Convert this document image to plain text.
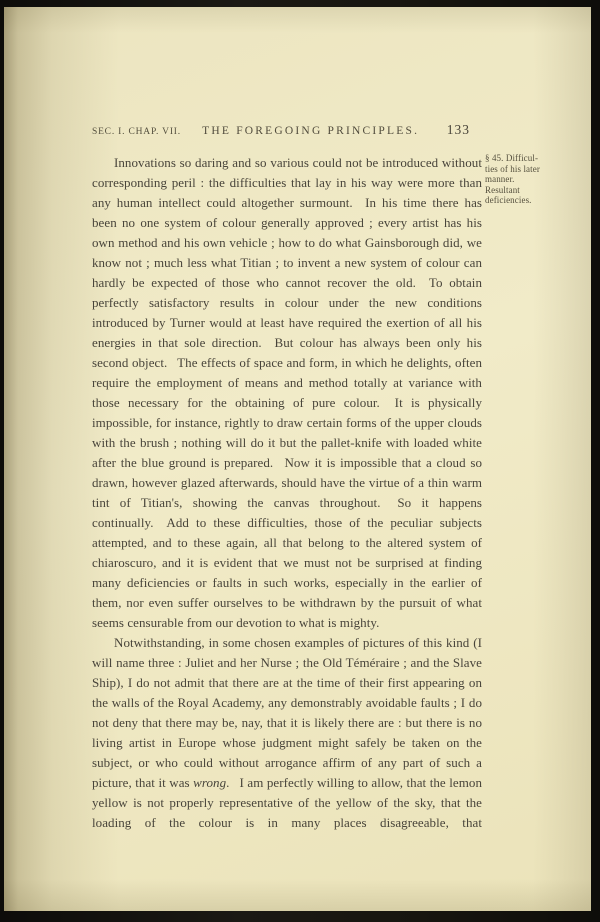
SEC. I. CHAP. VII.	THE FOREGOING PRINCIPLES.	133

Innovations so daring and so various could not be introduced without corresponding peril : the difficulties that lay in his way were more than any human intellect could altogether surmount.  In his time there has been no one system of colour generally approved ; every artist has his own method and his own vehicle ; how to do what Gainsborough did, we know not ; much less what Titian ; to invent a new system of colour can hardly be expected of those who cannot recover the old.  To obtain perfectly satisfactory results in colour under the new conditions introduced by Turner would at least have required the exertion of all his energies in that sole direction.  But colour has always been only his second object.  The effects of space and form, in which he delights, often require the employment of means and method totally at variance with those necessary for the obtaining of pure colour.  It is physically impossible, for instance, rightly to draw certain forms of the upper clouds with the brush ; nothing will do it but the pallet-knife with loaded white after the blue ground is prepared.  Now it is impossible that a cloud so drawn, however glazed afterwards, should have the virtue of a thin warm tint of Titian's, showing the canvas throughout.  So it happens continually.  Add to these difficulties, those of the peculiar subjects attempted, and to these again, all that belong to the altered system of chiaroscuro, and it is evident that we must not be surprised at finding many deficiencies or faults in such works, especially in the earlier of them, nor even suffer ourselves to be withdrawn by the pursuit of what seems censurable from our devotion to what is mighty.

Notwithstanding, in some chosen examples of pictures of this kind (I will name three : Juliet and her Nurse ; the Old Téméraire ; and the Slave Ship), I do not admit that there are at the time of their first appearing on the walls of the Royal Academy, any demonstrably avoidable faults ; I do not deny that there may be, nay, that it is likely there are : but there is no living artist in Europe whose judgment might safely be taken on the subject, or who could without arrogance affirm of any part of such a picture, that it was wrong.  I am perfectly willing to allow, that the lemon yellow is not properly representative of the yellow of the sky, that the loading of the colour is in many places disagreeable, that

§ 45. Difficul-
ties of his later
manner.
Resultant
deficiencies.
